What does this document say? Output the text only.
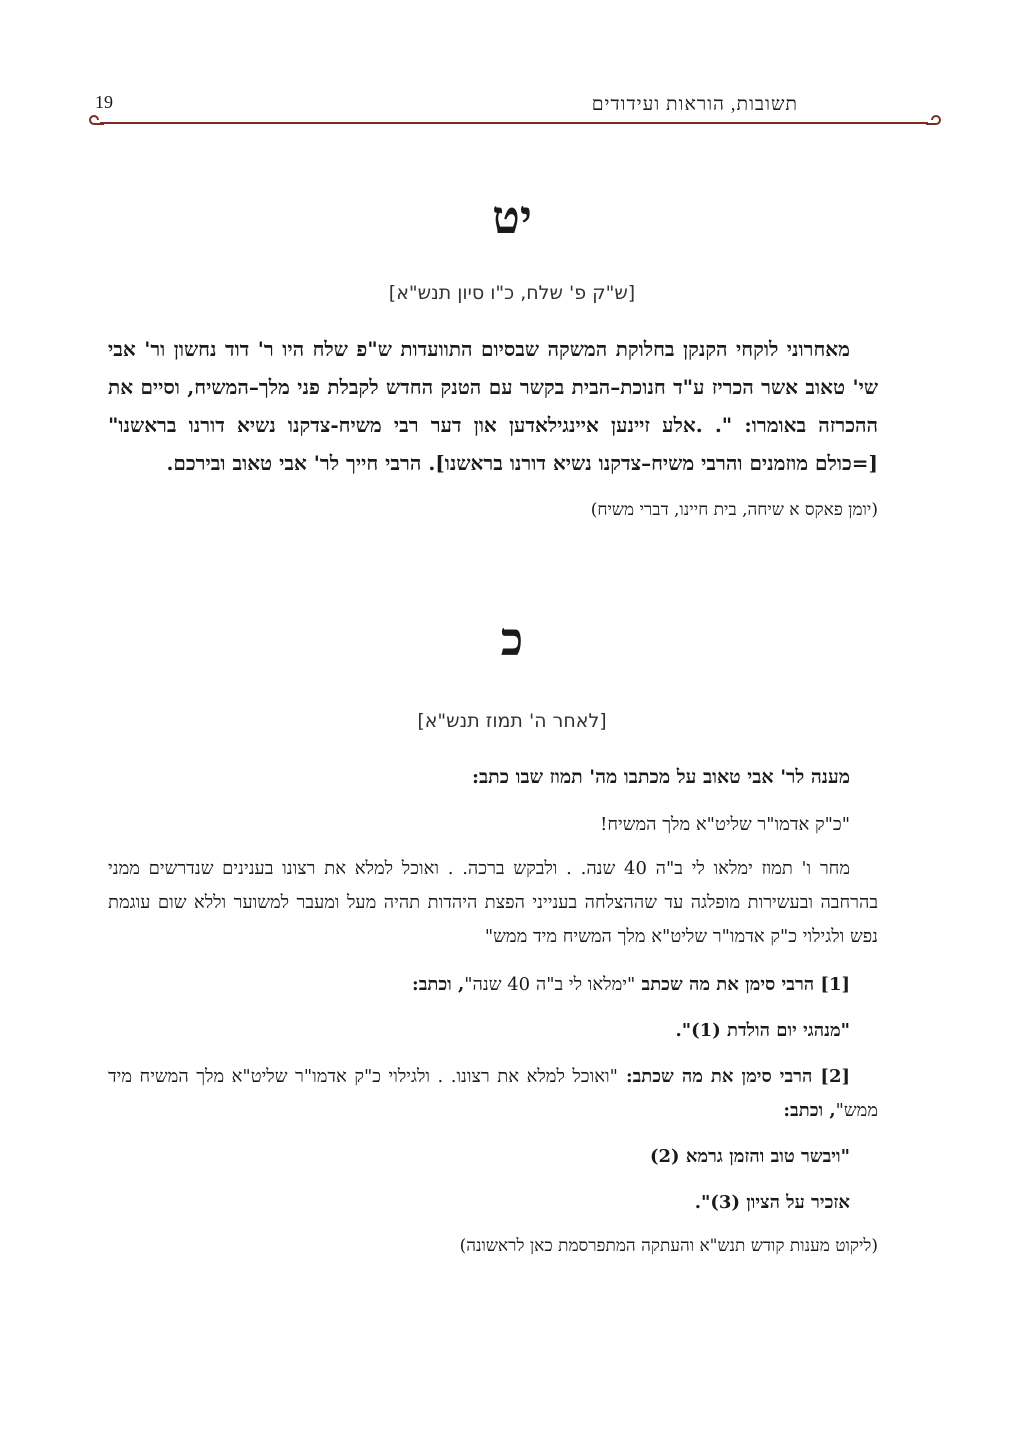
19	תשובות, הוראות ועידודים
יט
[ש"ק פ' שלח, כ"ו סיון תנש"א]

מאחרוני לוקחי הקנקן בחלוקת המשקה שבסיום התוועדות ש"פ שלח היו ר' דוד נחשון ור' אבי שי' טאוב אשר הכריז ע"ד חנוכת–הבית בקשר עם הטנק החדש לקבלת פני מלך–המשיח, וסיים את ההכרזה באומרו: ". .אלע זיינען איינגילאדען און דער רבי משיח-צדקנו נשיא דורנו בראשנו" [=כולם מוזמנים והרבי משיח–צדקנו נשיא דורנו בראשנו]. הרבי חייך לר' אבי טאוב ובירכם.

(יומן פאקס א שיחה, בית חיינו, דברי משיח)

כ
[לאחר ה' תמוז תנש"א]

מענה לר' אבי טאוב על מכתבו מה' תמוז שבו כתב:

"כ"ק אדמו"ר שליט"א מלך המשיח!

מחר ו' תמוז ימלאו לי ב"ה 40 שנה. . ולבקש ברכה. . ואוכל למלא את רצונו בענינים שנדרשים ממני בהרחבה ובעשירות מופלגה עד שההצלחה בענייני הפצת היהדות תהיה מעל ומעבר למשוער וללא שום עוגמת נפש ולגילוי כ"ק אדמו"ר שליט"א מלך המשיח מיד ממש"

[1] הרבי סימן את מה שכתב "ימלאו לי ב"ה 40 שנה", וכתב:

"מנהגי יום הולדת (1)".

[2] הרבי סימן את מה שכתב: "ואוכל למלא את רצונו. . ולגילוי כ"ק אדמו"ר שליט"א מלך המשיח מיד ממש", וכתב:

"ויבשר טוב והזמן גרמא (2)

אזכיר על הציון (3)".

(ליקוט מענות קודש תנש"א והעתקה המתפרסמת כאן לראשונה)
